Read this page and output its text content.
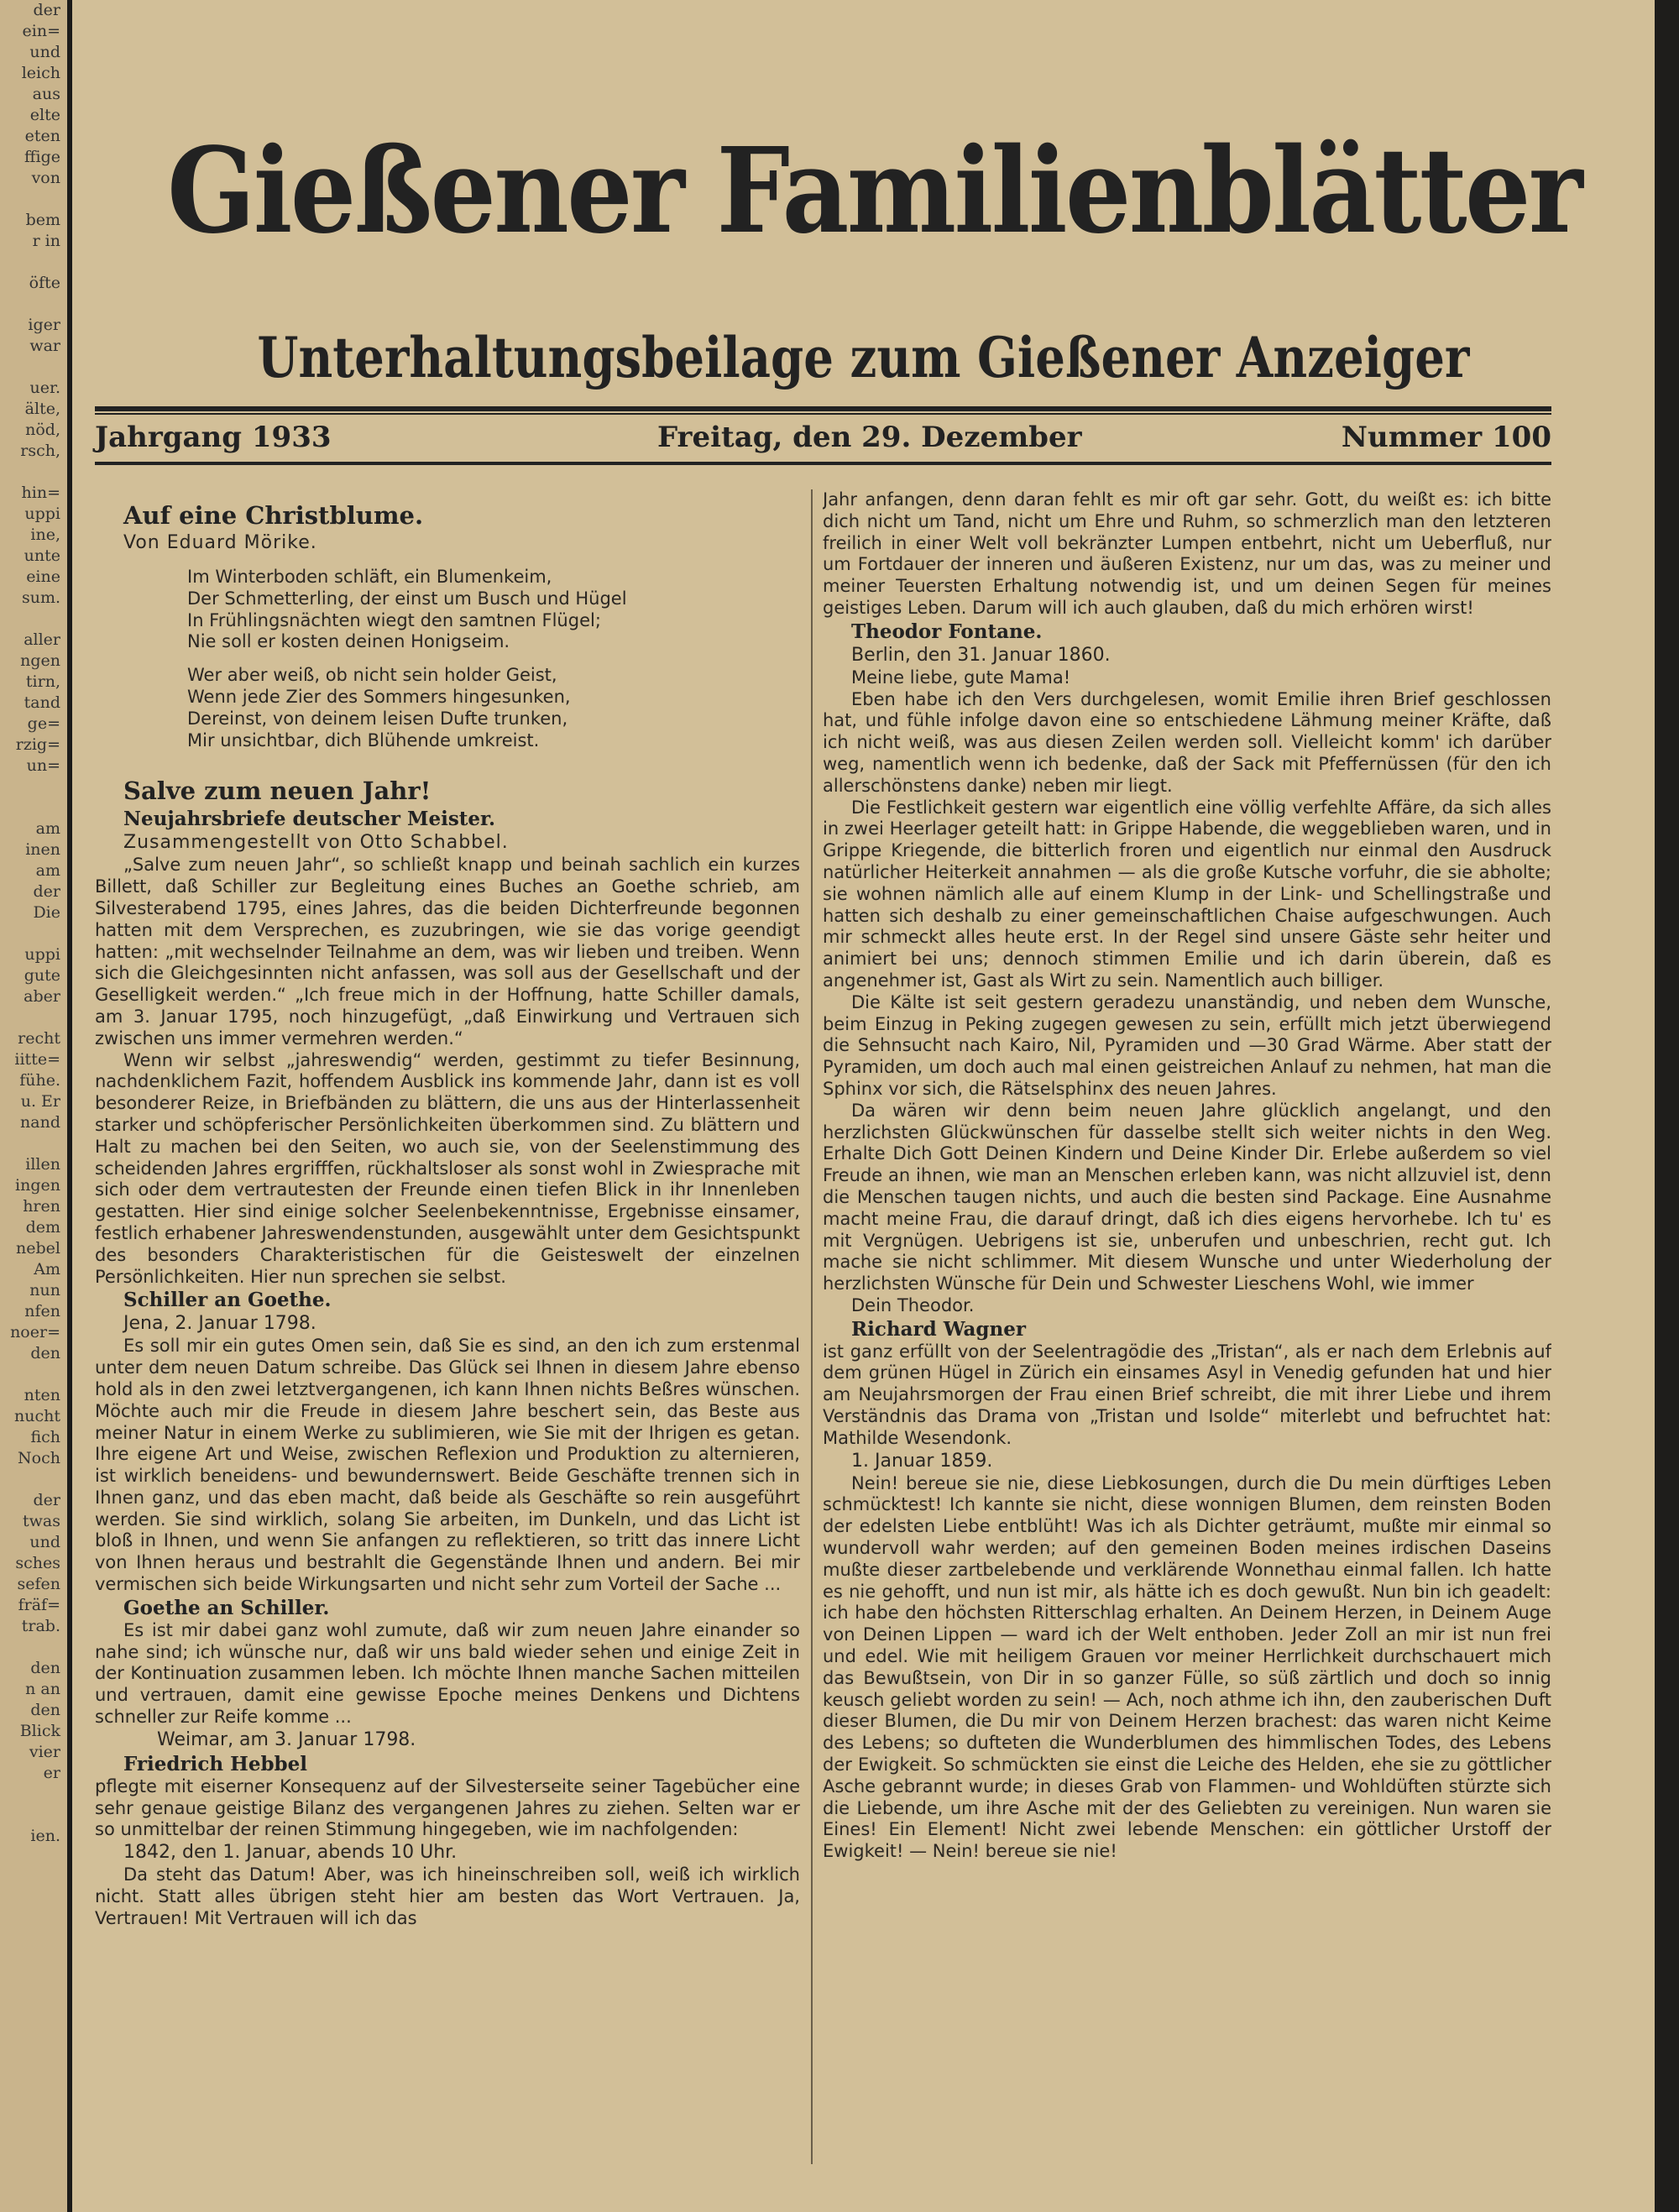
der
ein=
und
leich
aus
elte
eten
ffige
von

bem
r in

öfte

iger
war

uer.
älte,
nöd,
rsch,

hin=
uppi
ine,
unte
eine
sum.

aller
ngen
tirn,
tand
ge=
rzig=
un=

am
inen
am
der
Die

uppi
gute
aber

recht
iitte=
fühe.
u. Er
nand

illen
ingen
hren
dem
nebel
Am
nun
nfen
noer=
den

nten
nucht
fich
Noch

der
twas
und
sches
sefen
fräf=
trab.

den
n an
den
Blick
vier
er

ien.
Gießener Familienblätter
Unterhaltungsbeilage zum Gießener Anzeiger
Jahrgang 1933	Freitag, den 29. Dezember	Nummer 100

Auf eine Christblume.

Von Eduard Mörike.

Im Winterboden schläft, ein Blumenkeim,
Der Schmetterling, der einst um Busch und Hügel
In Frühlingsnächten wiegt den samtnen Flügel;
Nie soll er kosten deinen Honigseim.
Wer aber weiß, ob nicht sein holder Geist,
Wenn jede Zier des Sommers hingesunken,
Dereinst, von deinem leisen Dufte trunken,
Mir unsichtbar, dich Blühende umkreist.

Salve zum neuen Jahr!

Neujahrsbriefe deutscher Meister.

Zusammengestellt von Otto Schabbel.

„Salve zum neuen Jahr“, so schließt knapp und beinah sachlich ein kurzes Billett, daß Schiller zur Begleitung eines Buches an Goethe schrieb, am Silvesterabend 1795, eines Jahres, das die beiden Dichterfreunde begonnen hatten mit dem Versprechen, es zuzubringen, wie sie das vorige geendigt hatten: „mit wechselnder Teilnahme an dem, was wir lieben und treiben. Wenn sich die Gleichgesinnten nicht anfassen, was soll aus der Gesellschaft und der Geselligkeit werden.“ „Ich freue mich in der Hoffnung, hatte Schiller damals, am 3. Januar 1795, noch hinzugefügt, „daß Einwirkung und Vertrauen sich zwischen uns immer vermehren werden.“

Wenn wir selbst „jahreswendig“ werden, gestimmt zu tiefer Besinnung, nachdenklichem Fazit, hoffendem Ausblick ins kommende Jahr, dann ist es voll besonderer Reize, in Briefbänden zu blättern, die uns aus der Hinterlassenheit starker und schöpferischer Persönlichkeiten überkommen sind. Zu blättern und Halt zu machen bei den Seiten, wo auch sie, von der Seelenstimmung des scheidenden Jahres ergrifffen, rückhaltsloser als sonst wohl in Zwiesprache mit sich oder dem vertrautesten der Freunde einen tiefen Blick in ihr Innenleben gestatten. Hier sind einige solcher Seelenbekenntnisse, Ergebnisse einsamer, festlich erhabener Jahreswendenstunden, ausgewählt unter dem Gesichtspunkt des besonders Charakteristischen für die Geisteswelt der einzelnen Persönlichkeiten. Hier nun sprechen sie selbst.

Schiller an Goethe.

Jena, 2. Januar 1798.

Es soll mir ein gutes Omen sein, daß Sie es sind, an den ich zum erstenmal unter dem neuen Datum schreibe. Das Glück sei Ihnen in diesem Jahre ebenso hold als in den zwei letztvergangenen, ich kann Ihnen nichts Beßres wünschen. Möchte auch mir die Freude in diesem Jahre beschert sein, das Beste aus meiner Natur in einem Werke zu sublimieren, wie Sie mit der Ihrigen es getan. Ihre eigene Art und Weise, zwischen Reflexion und Produktion zu alternieren, ist wirklich beneidens- und bewundernswert. Beide Geschäfte trennen sich in Ihnen ganz, und das eben macht, daß beide als Geschäfte so rein ausgeführt werden. Sie sind wirklich, solang Sie arbeiten, im Dunkeln, und das Licht ist bloß in Ihnen, und wenn Sie anfangen zu reflektieren, so tritt das innere Licht von Ihnen heraus und bestrahlt die Gegenstände Ihnen und andern. Bei mir vermischen sich beide Wirkungsarten und nicht sehr zum Vorteil der Sache ...

Goethe an Schiller.

Es ist mir dabei ganz wohl zumute, daß wir zum neuen Jahre einander so nahe sind; ich wünsche nur, daß wir uns bald wieder sehen und einige Zeit in der Kontinuation zusammen leben. Ich möchte Ihnen manche Sachen mitteilen und vertrauen, damit eine gewisse Epoche meines Denkens und Dichtens schneller zur Reife komme ...

Weimar, am 3. Januar 1798.

Friedrich Hebbel

pflegte mit eiserner Konsequenz auf der Silvesterseite seiner Tagebücher eine sehr genaue geistige Bilanz des vergangenen Jahres zu ziehen. Selten war er so unmittelbar der reinen Stimmung hingegeben, wie im nachfolgenden:

1842, den 1. Januar, abends 10 Uhr.

Da steht das Datum! Aber, was ich hineinschreiben soll, weiß ich wirklich nicht. Statt alles übrigen steht hier am besten das Wort Vertrauen. Ja, Vertrauen! Mit Vertrauen will ich das

Jahr anfangen, denn daran fehlt es mir oft gar sehr. Gott, du weißt es: ich bitte dich nicht um Tand, nicht um Ehre und Ruhm, so schmerzlich man den letzteren freilich in einer Welt voll bekränzter Lumpen entbehrt, nicht um Ueberfluß, nur um Fortdauer der inneren und äußeren Existenz, nur um das, was zu meiner und meiner Teuersten Erhaltung notwendig ist, und um deinen Segen für meines geistiges Leben. Darum will ich auch glauben, daß du mich erhören wirst!

Theodor Fontane.

Berlin, den 31. Januar 1860.

Meine liebe, gute Mama!

Eben habe ich den Vers durchgelesen, womit Emilie ihren Brief geschlossen hat, und fühle infolge davon eine so entschiedene Lähmung meiner Kräfte, daß ich nicht weiß, was aus diesen Zeilen werden soll. Vielleicht komm' ich darüber weg, namentlich wenn ich bedenke, daß der Sack mit Pfeffernüssen (für den ich allerschönstens danke) neben mir liegt.

Die Festlichkeit gestern war eigentlich eine völlig verfehlte Affäre, da sich alles in zwei Heerlager geteilt hatt: in Grippe Habende, die weggeblieben waren, und in Grippe Kriegende, die bitterlich froren und eigentlich nur einmal den Ausdruck natürlicher Heiterkeit annahmen — als die große Kutsche vorfuhr, die sie abholte; sie wohnen nämlich alle auf einem Klump in der Link- und Schellingstraße und hatten sich deshalb zu einer gemeinschaftlichen Chaise aufgeschwungen. Auch mir schmeckt alles heute erst. In der Regel sind unsere Gäste sehr heiter und animiert bei uns; dennoch stimmen Emilie und ich darin überein, daß es angenehmer ist, Gast als Wirt zu sein. Namentlich auch billiger.

Die Kälte ist seit gestern geradezu unanständig, und neben dem Wunsche, beim Einzug in Peking zugegen gewesen zu sein, erfüllt mich jetzt überwiegend die Sehnsucht nach Kairo, Nil, Pyramiden und —30 Grad Wärme. Aber statt der Pyramiden, um doch auch mal einen geistreichen Anlauf zu nehmen, hat man die Sphinx vor sich, die Rätselsphinx des neuen Jahres.

Da wären wir denn beim neuen Jahre glücklich angelangt, und den herzlichsten Glückwünschen für dasselbe stellt sich weiter nichts in den Weg. Erhalte Dich Gott Deinen Kindern und Deine Kinder Dir. Erlebe außerdem so viel Freude an ihnen, wie man an Menschen erleben kann, was nicht allzuviel ist, denn die Menschen taugen nichts, und auch die besten sind Package. Eine Ausnahme macht meine Frau, die darauf dringt, daß ich dies eigens hervorhebe. Ich tu' es mit Vergnügen. Uebrigens ist sie, unberufen und unbeschrien, recht gut. Ich mache sie nicht schlimmer. Mit diesem Wunsche und unter Wiederholung der herzlichsten Wünsche für Dein und Schwester Lieschens Wohl, wie immer

Dein Theodor.

Richard Wagner

ist ganz erfüllt von der Seelentragödie des „Tristan“, als er nach dem Erlebnis auf dem grünen Hügel in Zürich ein einsames Asyl in Venedig gefunden hat und hier am Neujahrsmorgen der Frau einen Brief schreibt, die mit ihrer Liebe und ihrem Verständnis das Drama von „Tristan und Isolde“ miterlebt und befruchtet hat: Mathilde Wesendonk.

1. Januar 1859.

Nein! bereue sie nie, diese Liebkosungen, durch die Du mein dürftiges Leben schmücktest! Ich kannte sie nicht, diese wonnigen Blumen, dem reinsten Boden der edelsten Liebe entblüht! Was ich als Dichter geträumt, mußte mir einmal so wundervoll wahr werden; auf den gemeinen Boden meines irdischen Daseins mußte dieser zartbelebende und verklärende Wonnethau einmal fallen. Ich hatte es nie gehofft, und nun ist mir, als hätte ich es doch gewußt. Nun bin ich geadelt: ich habe den höchsten Ritterschlag erhalten. An Deinem Herzen, in Deinem Auge von Deinen Lippen — ward ich der Welt enthoben. Jeder Zoll an mir ist nun frei und edel. Wie mit heiligem Grauen vor meiner Herrlichkeit durchschauert mich das Bewußtsein, von Dir in so ganzer Fülle, so süß zärtlich und doch so innig keusch geliebt worden zu sein! — Ach, noch athme ich ihn, den zauberischen Duft dieser Blumen, die Du mir von Deinem Herzen brachest: das waren nicht Keime des Lebens; so dufteten die Wunderblumen des himmlischen Todes, des Lebens der Ewigkeit. So schmückten sie einst die Leiche des Helden, ehe sie zu göttlicher Asche gebrannt wurde; in dieses Grab von Flammen- und Wohldüften stürzte sich die Liebende, um ihre Asche mit der des Geliebten zu vereinigen. Nun waren sie Eines! Ein Element! Nicht zwei lebende Menschen: ein göttlicher Urstoff der Ewigkeit! — Nein! bereue sie nie!
